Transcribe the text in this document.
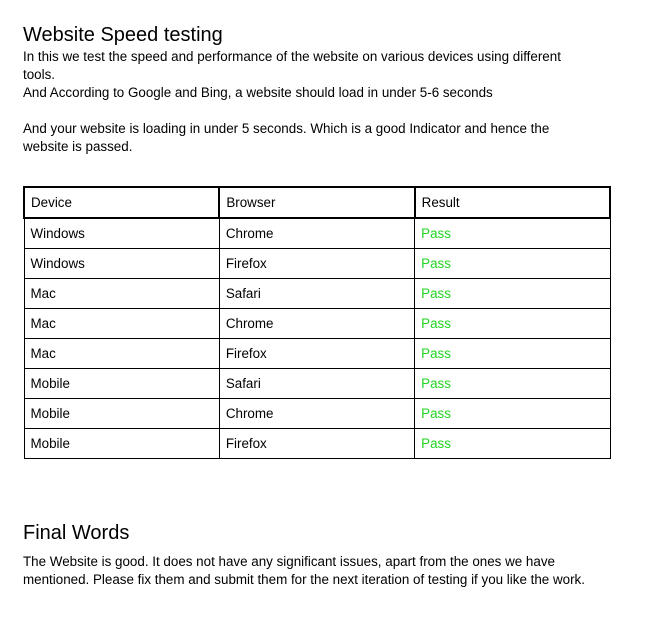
Website Speed testing

In this we test the speed and performance of the website on various devices using different tools.
And According to Google and Bing, a website should load in under 5-6 seconds

And your website is loading in under 5 seconds. Which is a good Indicator and hence the website is passed.

Device	Browser	Result
Windows	Chrome	Pass
Windows	Firefox	Pass
Mac	Safari	Pass
Mac	Chrome	Pass
Mac	Firefox	Pass
Mobile	Safari	Pass
Mobile	Chrome	Pass
Mobile	Firefox	Pass
Final Words

The Website is good. It does not have any significant issues, apart from the ones we have mentioned. Please fix them and submit them for the next iteration of testing if you like the work.
